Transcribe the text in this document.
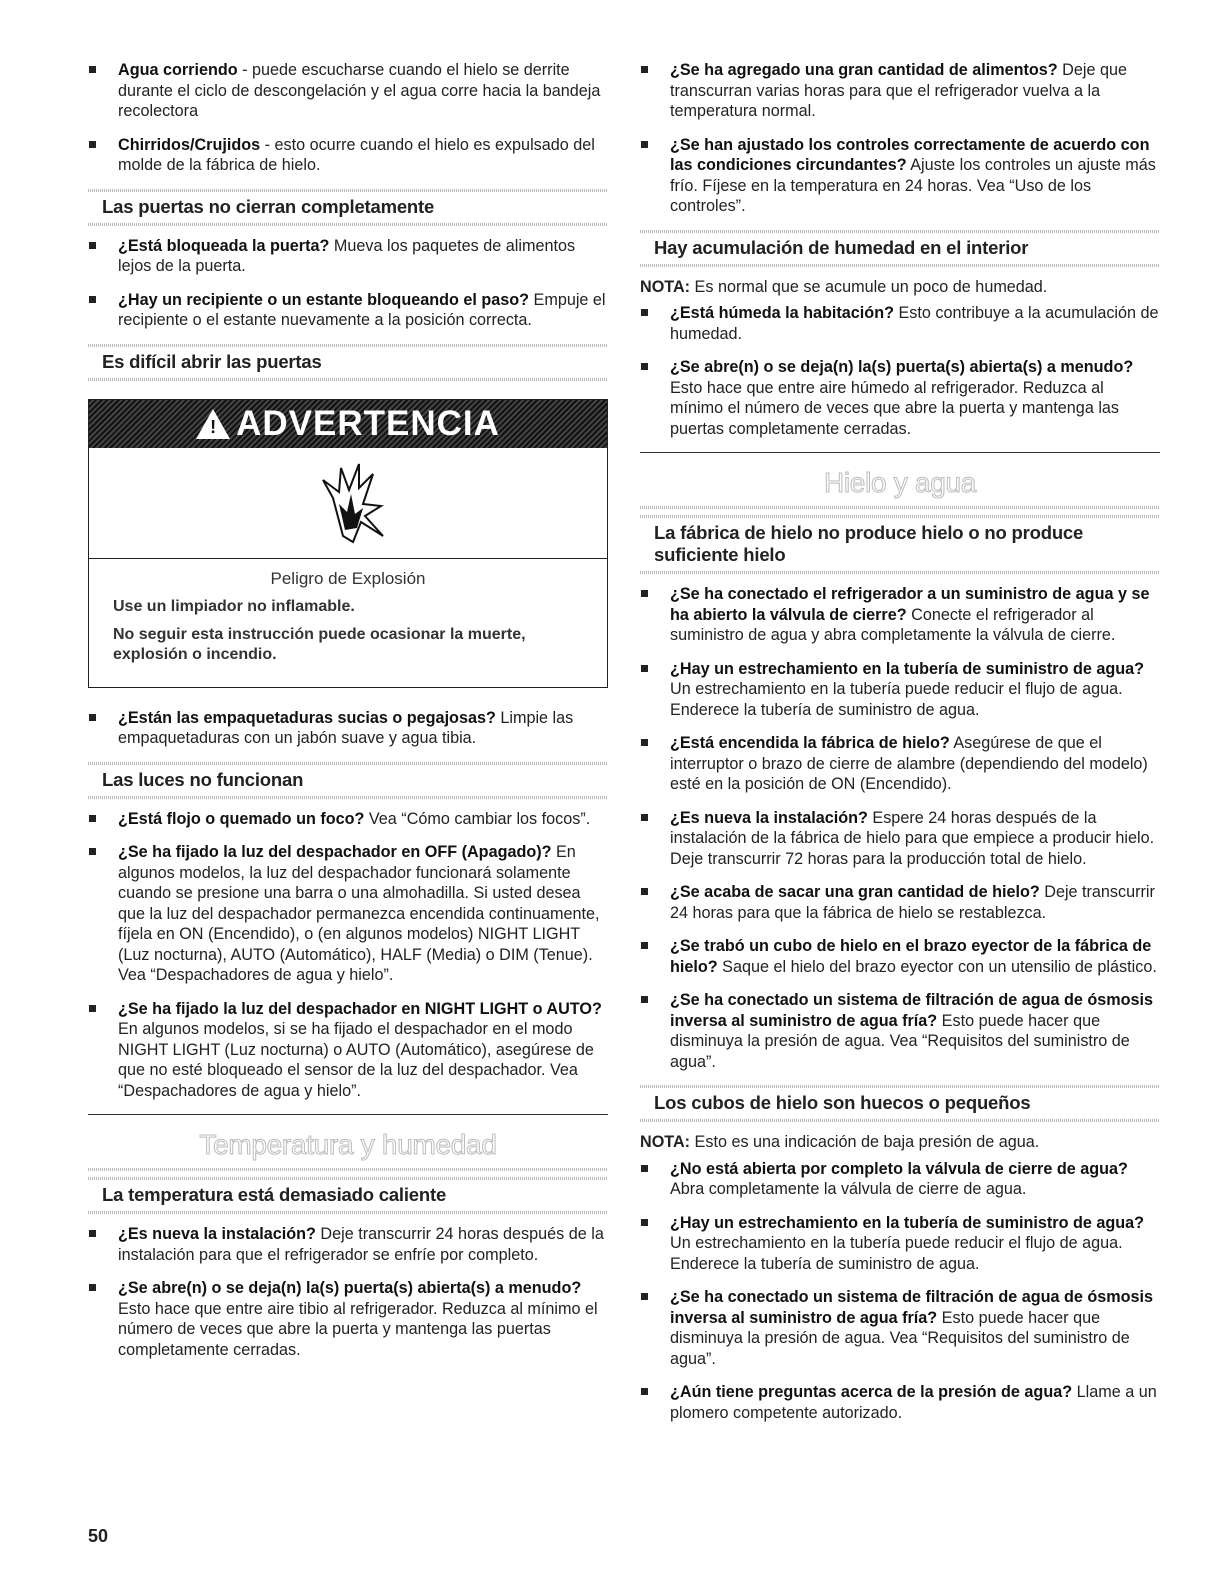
Agua corriendo - puede escucharse cuando el hielo se derrite durante el ciclo de descongelación y el agua corre hacia la bandeja recolectora
Chirridos/Crujidos - esto ocurre cuando el hielo es expulsado del molde de la fábrica de hielo.
Las puertas no cierran completamente
¿Está bloqueada la puerta? Mueva los paquetes de alimentos lejos de la puerta.
¿Hay un recipiente o un estante bloqueando el paso? Empuje el recipiente o el estante nuevamente a la posición correcta.
Es difícil abrir las puertas
! ADVERTENCIA

Peligro de Explosión

Use un limpiador no inflamable.

No seguir esta instrucción puede ocasionar la muerte, explosión o incendio.

¿Están las empaquetaduras sucias o pegajosas? Limpie las empaquetaduras con un jabón suave y agua tibia.
Las luces no funcionan
¿Está flojo o quemado un foco? Vea “Cómo cambiar los focos”.
¿Se ha fijado la luz del despachador en OFF (Apagado)? En algunos modelos, la luz del despachador funcionará solamente cuando se presione una barra o una almohadilla. Si usted desea que la luz del despachador permanezca encendida continuamente, fíjela en ON (Encendido), o (en algunos modelos) NIGHT LIGHT (Luz nocturna), AUTO (Automático), HALF (Media) o DIM (Tenue). Vea “Despachadores de agua y hielo”.
¿Se ha fijado la luz del despachador en NIGHT LIGHT o AUTO? En algunos modelos, si se ha fijado el despachador en el modo NIGHT LIGHT (Luz nocturna) o AUTO (Automático), asegúrese de que no esté bloqueado el sensor de la luz del despachador. Vea “Despachadores de agua y hielo”.
Temperatura y humedad
La temperatura está demasiado caliente
¿Es nueva la instalación? Deje transcurrir 24 horas después de la instalación para que el refrigerador se enfríe por completo.
¿Se abre(n) o se deja(n) la(s) puerta(s) abierta(s) a menudo? Esto hace que entre aire tibio al refrigerador. Reduzca al mínimo el número de veces que abre la puerta y mantenga las puertas completamente cerradas.
¿Se ha agregado una gran cantidad de alimentos? Deje que transcurran varias horas para que el refrigerador vuelva a la temperatura normal.
¿Se han ajustado los controles correctamente de acuerdo con las condiciones circundantes? Ajuste los controles un ajuste más frío. Fíjese en la temperatura en 24 horas. Vea “Uso de los controles”.
Hay acumulación de humedad en el interior

NOTA: Es normal que se acumule un poco de humedad.

¿Está húmeda la habitación? Esto contribuye a la acumulación de humedad.
¿Se abre(n) o se deja(n) la(s) puerta(s) abierta(s) a menudo? Esto hace que entre aire húmedo al refrigerador. Reduzca al mínimo el número de veces que abre la puerta y mantenga las puertas completamente cerradas.
Hielo y agua
La fábrica de hielo no produce hielo o no produce suficiente hielo
¿Se ha conectado el refrigerador a un suministro de agua y se ha abierto la válvula de cierre? Conecte el refrigerador al suministro de agua y abra completamente la válvula de cierre.
¿Hay un estrechamiento en la tubería de suministro de agua? Un estrechamiento en la tubería puede reducir el flujo de agua. Enderece la tubería de suministro de agua.
¿Está encendida la fábrica de hielo? Asegúrese de que el interruptor o brazo de cierre de alambre (dependiendo del modelo) esté en la posición de ON (Encendido).
¿Es nueva la instalación? Espere 24 horas después de la instalación de la fábrica de hielo para que empiece a producir hielo. Deje transcurrir 72 horas para la producción total de hielo.
¿Se acaba de sacar una gran cantidad de hielo? Deje transcurrir 24 horas para que la fábrica de hielo se restablezca.
¿Se trabó un cubo de hielo en el brazo eyector de la fábrica de hielo? Saque el hielo del brazo eyector con un utensilio de plástico.
¿Se ha conectado un sistema de filtración de agua de ósmosis inversa al suministro de agua fría? Esto puede hacer que disminuya la presión de agua. Vea “Requisitos del suministro de agua”.
Los cubos de hielo son huecos o pequeños

NOTA: Esto es una indicación de baja presión de agua.

¿No está abierta por completo la válvula de cierre de agua? Abra completamente la válvula de cierre de agua.
¿Hay un estrechamiento en la tubería de suministro de agua? Un estrechamiento en la tubería puede reducir el flujo de agua. Enderece la tubería de suministro de agua.
¿Se ha conectado un sistema de filtración de agua de ósmosis inversa al suministro de agua fría? Esto puede hacer que disminuya la presión de agua. Vea “Requisitos del suministro de agua”.
¿Aún tiene preguntas acerca de la presión de agua? Llame a un plomero competente autorizado.
50
